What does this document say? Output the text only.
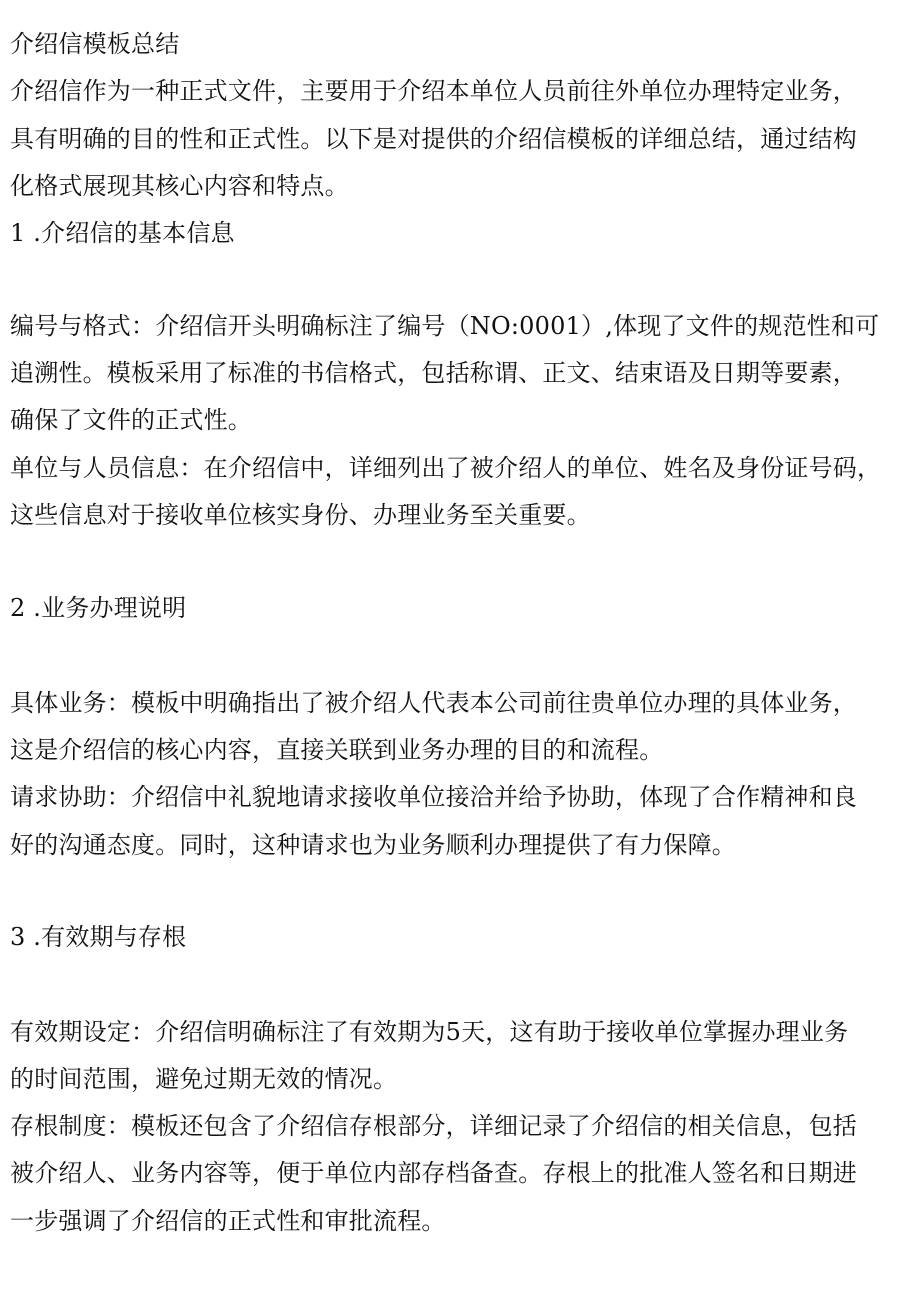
介绍信模板总结
介绍信作为一种正式文件，主要用于介绍本单位人员前往外单位办理特定业务，
具有明确的目的性和正式性。以下是对提供的介绍信模板的详细总结，通过结构
化格式展现其核心内容和特点。
1 .介绍信的基本信息
编号与格式：介绍信开头明确标注了编号（NO:0001）,体现了文件的规范性和可
追溯性。模板采用了标准的书信格式，包括称谓、正文、结束语及日期等要素，
确保了文件的正式性。
单位与人员信息：在介绍信中，详细列出了被介绍人的单位、姓名及身份证号码，
这些信息对于接收单位核实身份、办理业务至关重要。
2 .业务办理说明
具体业务：模板中明确指出了被介绍人代表本公司前往贵单位办理的具体业务，
这是介绍信的核心内容，直接关联到业务办理的目的和流程。
请求协助：介绍信中礼貌地请求接收单位接洽并给予协助，体现了合作精神和良
好的沟通态度。同时，这种请求也为业务顺利办理提供了有力保障。
3 .有效期与存根
有效期设定：介绍信明确标注了有效期为5天，这有助于接收单位掌握办理业务
的时间范围，避免过期无效的情况。
存根制度：模板还包含了介绍信存根部分，详细记录了介绍信的相关信息，包括
被介绍人、业务内容等，便于单位内部存档备查。存根上的批准人签名和日期进
一步强调了介绍信的正式性和审批流程。
